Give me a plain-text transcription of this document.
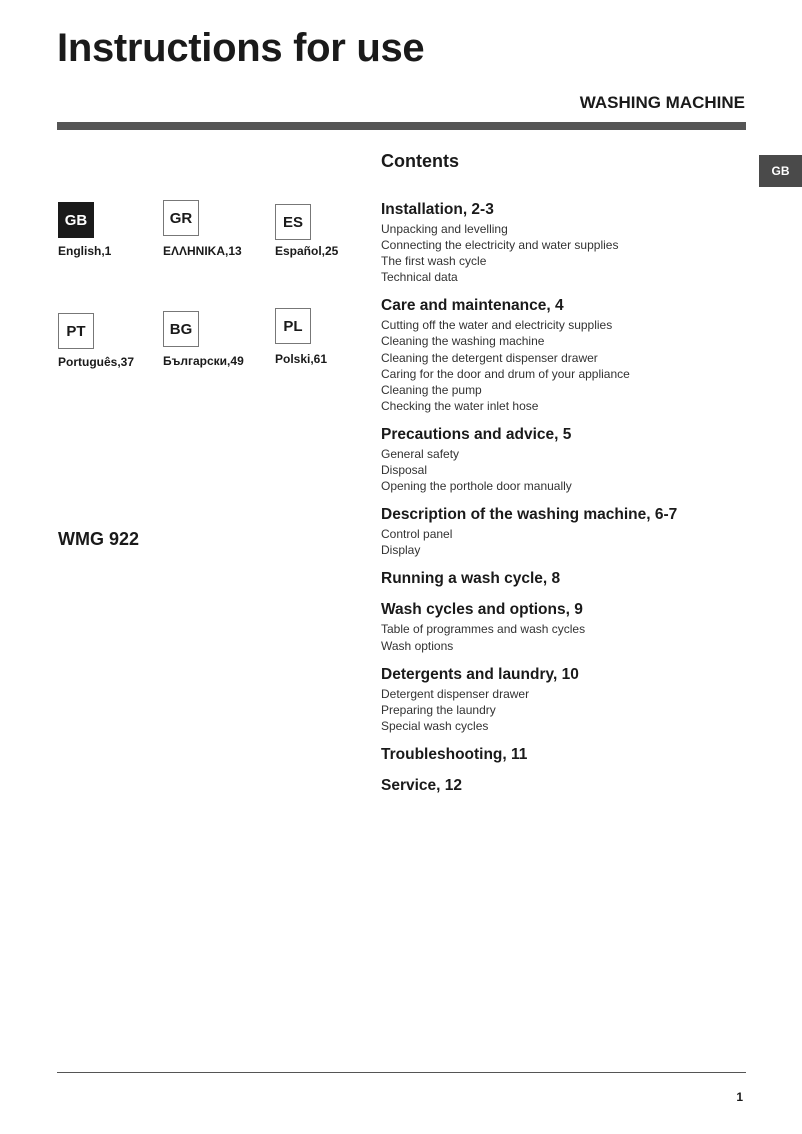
Instructions for use
WASHING MACHINE
GB
GB
English,1
GR
ΕΛΛΗΝΙΚΑ,13
ES
Español,25
PT
Português,37
BG
Български,49
PL
Polski,61
WMG 922
Contents
Installation, 2-3
Unpacking and levelling
Connecting the electricity and water supplies
The first wash cycle
Technical data
Care and maintenance, 4
Cutting off the water and electricity supplies
Cleaning the washing machine
Cleaning the detergent dispenser drawer
Caring for the door and drum of your appliance
Cleaning the pump
Checking the water inlet hose
Precautions and advice, 5
General safety
Disposal
Opening the porthole door manually
Description of the washing machine, 6-7
Control panel
Display
Running a wash cycle, 8
Wash cycles and options, 9
Table of programmes and wash cycles
Wash options
Detergents and laundry, 10
Detergent dispenser drawer
Preparing the laundry
Special wash cycles
Troubleshooting, 11
Service, 12
1
